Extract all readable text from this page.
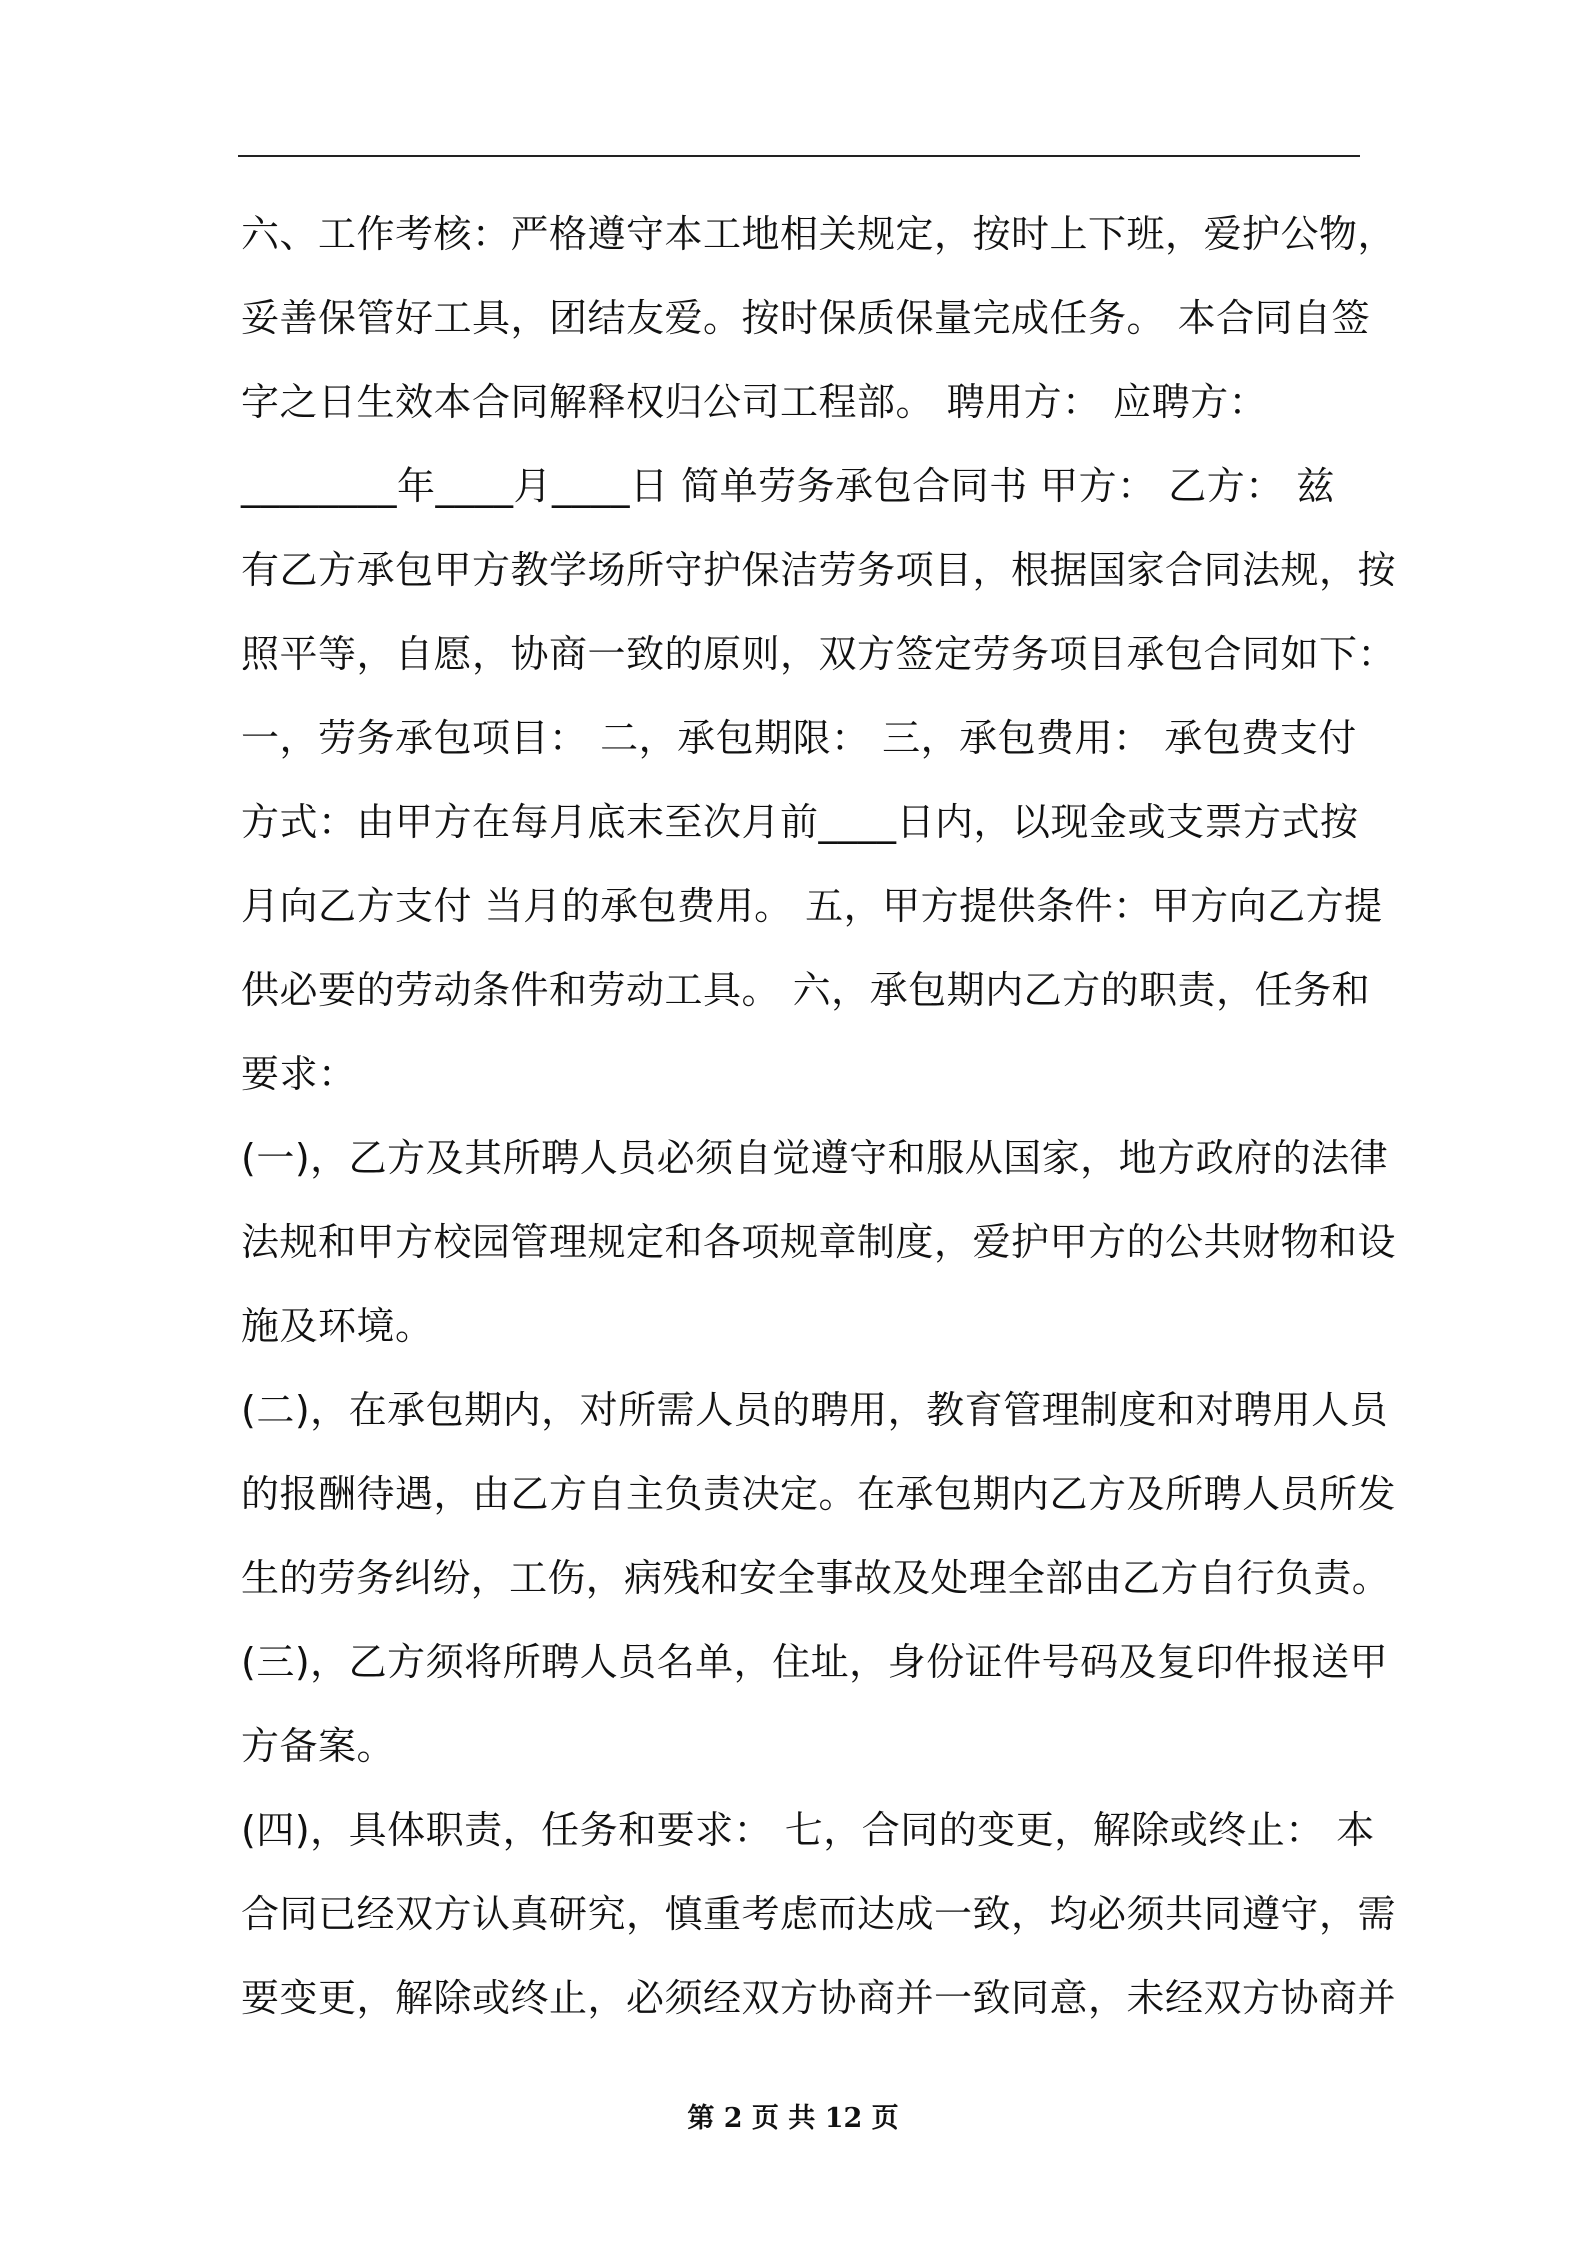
六、工作考核：严格遵守本工地相关规定，按时上下班，爱护公物，
妥善保管好工具，团结友爱。按时保质保量完成任务。 本合同自签
字之日生效本合同解释权归公司工程部。 聘用方： 应聘方：
________年____月____日 简单劳务承包合同书 甲方： 乙方： 兹
有乙方承包甲方教学场所守护保洁劳务项目，根据国家合同法规，按
照平等，自愿，协商一致的原则，双方签定劳务项目承包合同如下：
一，劳务承包项目： 二，承包期限： 三，承包费用： 承包费支付
方式：由甲方在每月底末至次月前____日内，以现金或支票方式按
月向乙方支付 当月的承包费用。 五，甲方提供条件：甲方向乙方提
供必要的劳动条件和劳动工具。 六，承包期内乙方的职责，任务和
要求：
(一)，乙方及其所聘人员必须自觉遵守和服从国家，地方政府的法律
法规和甲方校园管理规定和各项规章制度，爱护甲方的公共财物和设
施及环境。
(二)，在承包期内，对所需人员的聘用，教育管理制度和对聘用人员
的报酬待遇，由乙方自主负责决定。在承包期内乙方及所聘人员所发
生的劳务纠纷，工伤，病残和安全事故及处理全部由乙方自行负责。
(三)，乙方须将所聘人员名单，住址，身份证件号码及复印件报送甲
方备案。
(四)，具体职责，任务和要求： 七，合同的变更，解除或终止： 本
合同已经双方认真研究，慎重考虑而达成一致，均必须共同遵守，需
要变更，解除或终止，必须经双方协商并一致同意，未经双方协商并
第 2 页 共 12 页
